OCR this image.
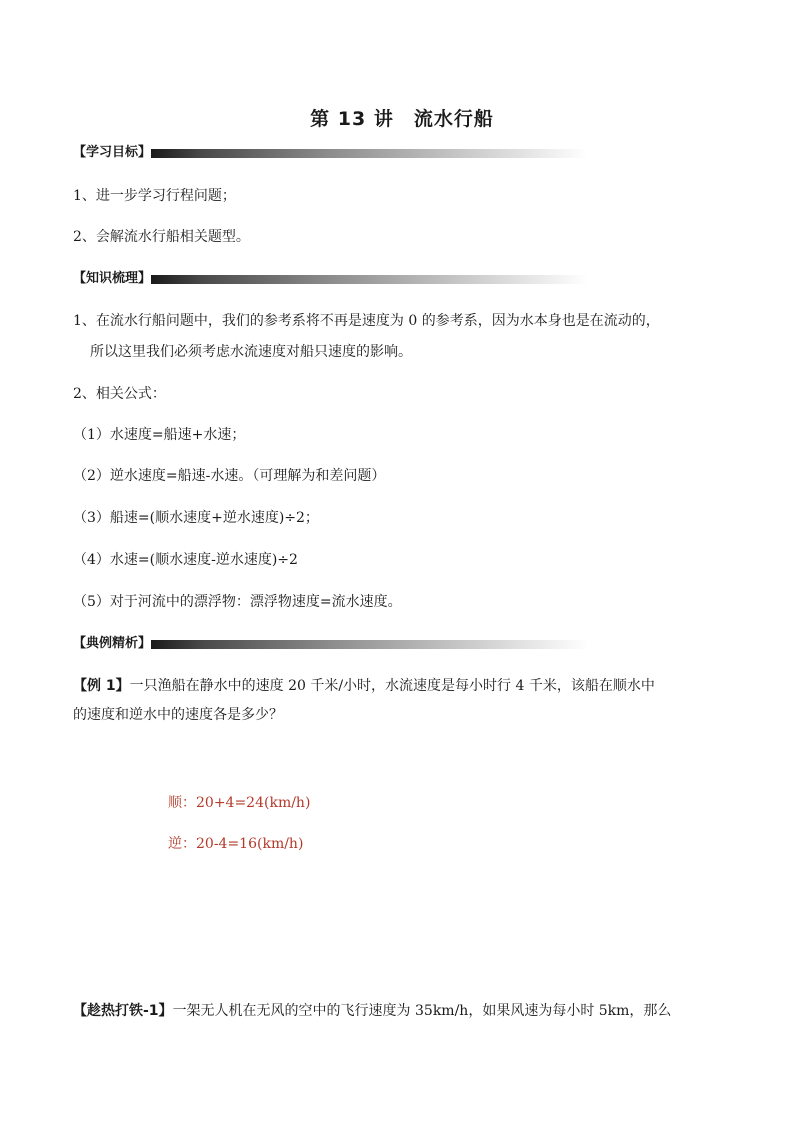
第 13 讲　流水行船
【学习目标】
1、进一步学习行程问题；
2、会解流水行船相关题型。
【知识梳理】
1、在流水行船问题中，我们的参考系将不再是速度为 0 的参考系，因为水本身也是在流动的，
所以这里我们必须考虑水流速度对船只速度的影响。
2、相关公式：
（1）水速度=船速+水速；
（2）逆水速度=船速-水速。（可理解为和差问题）
（3）船速=(顺水速度+逆水速度)÷2；
（4）水速=(顺水速度-逆水速度)÷2
（5）对于河流中的漂浮物：漂浮物速度=流水速度。
【典例精析】
【例 1】一只渔船在静水中的速度 20 千米/小时，水流速度是每小时行 4 千米，该船在顺水中
的速度和逆水中的速度各是多少？
顺：20+4=24(km/h)
逆：20-4=16(km/h)
【趁热打铁-1】一架无人机在无风的空中的飞行速度为 35km/h，如果风速为每小时 5km，那么
